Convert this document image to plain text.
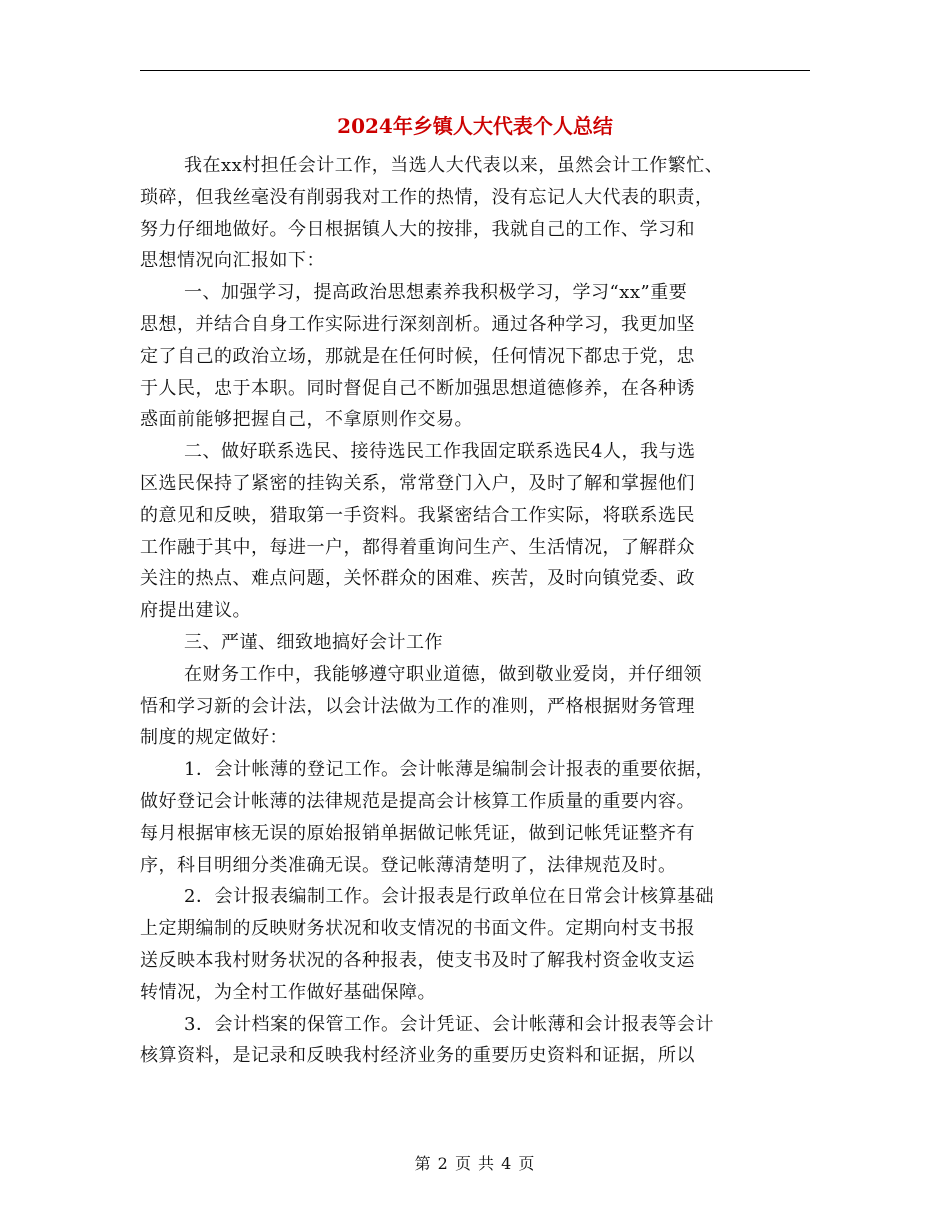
2024年乡镇人大代表个人总结
我在xx村担任会计工作，当选人大代表以来，虽然会计工作繁忙、
琐碎，但我丝毫没有削弱我对工作的热情，没有忘记人大代表的职责，
努力仔细地做好。今日根据镇人大的按排，我就自己的工作、学习和
思想情况向汇报如下：
一、加强学习，提高政治思想素养我积极学习，学习“xx”重要
思想，并结合自身工作实际进行深刻剖析。通过各种学习，我更加坚
定了自己的政治立场，那就是在任何时候，任何情况下都忠于党，忠
于人民，忠于本职。同时督促自己不断加强思想道德修养，在各种诱
惑面前能够把握自己，不拿原则作交易。
二、做好联系选民、接待选民工作我固定联系选民4人，我与选
区选民保持了紧密的挂钩关系，常常登门入户，及时了解和掌握他们
的意见和反映，猎取第一手资料。我紧密结合工作实际，将联系选民
工作融于其中，每进一户，都得着重询问生产、生活情况，了解群众
关注的热点、难点问题，关怀群众的困难、疾苦，及时向镇党委、政
府提出建议。
三、严谨、细致地搞好会计工作
在财务工作中，我能够遵守职业道德，做到敬业爱岗，并仔细领
悟和学习新的会计法，以会计法做为工作的准则，严格根据财务管理
制度的规定做好：
1．会计帐薄的登记工作。会计帐薄是编制会计报表的重要依据，
做好登记会计帐薄的法律规范是提高会计核算工作质量的重要内容。
每月根据审核无误的原始报销单据做记帐凭证，做到记帐凭证整齐有
序，科目明细分类准确无误。登记帐薄清楚明了，法律规范及时。
2．会计报表编制工作。会计报表是行政单位在日常会计核算基础
上定期编制的反映财务状况和收支情况的书面文件。定期向村支书报
送反映本我村财务状况的各种报表，使支书及时了解我村资金收支运
转情况，为全村工作做好基础保障。
3．会计档案的保管工作。会计凭证、会计帐薄和会计报表等会计
核算资料，是记录和反映我村经济业务的重要历史资料和证据，所以
第 2 页 共 4 页
